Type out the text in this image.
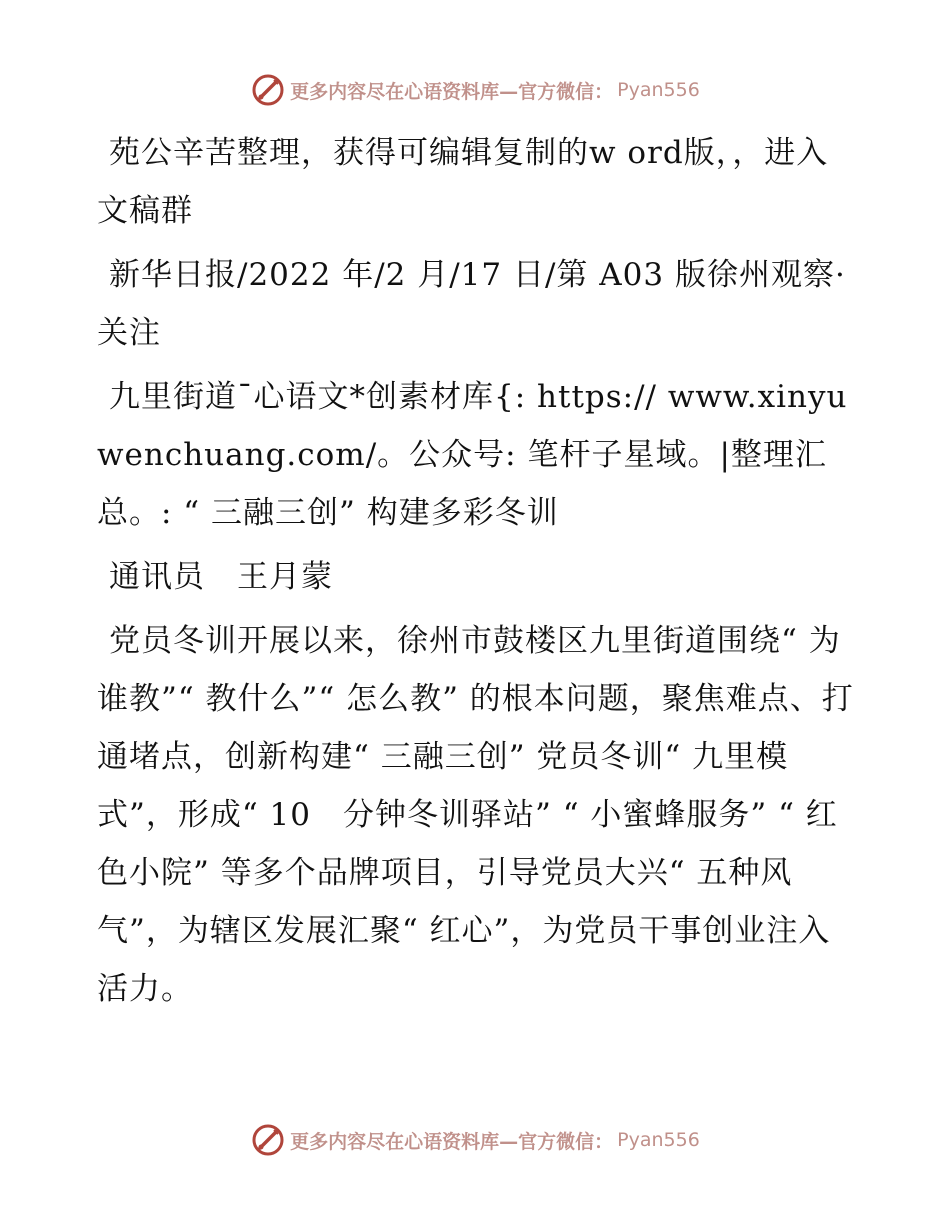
更多内容尽在心语资料库—官方微信： Pyan556

苑公辛苦整理，获得可编辑复制的w ord版，，进入文稿群

新华日报/2022 年/2 月/17 日/第 A03 版徐州观察· 关注

九里街道¯心语文*创素材库{: https:// www.xinyuwenchuang.com/。公众号: 笔杆子星域。|整理汇总。: “ 三融三创” 构建多彩冬训

通讯员　王月蒙

党员冬训开展以来，徐州市鼓楼区九里街道围绕“ 为谁教”“ 教什么”“ 怎么教” 的根本问题，聚焦难点、打通堵点，创新构建“ 三融三创” 党员冬训“ 九里模式”，形成“ 10　分钟冬训驿站” “ 小蜜蜂服务” “ 红色小院” 等多个品牌项目，引导党员大兴“ 五种风气”，为辖区发展汇聚“ 红心”，为党员干事创业注入活力。

更多内容尽在心语资料库—官方微信： Pyan556
